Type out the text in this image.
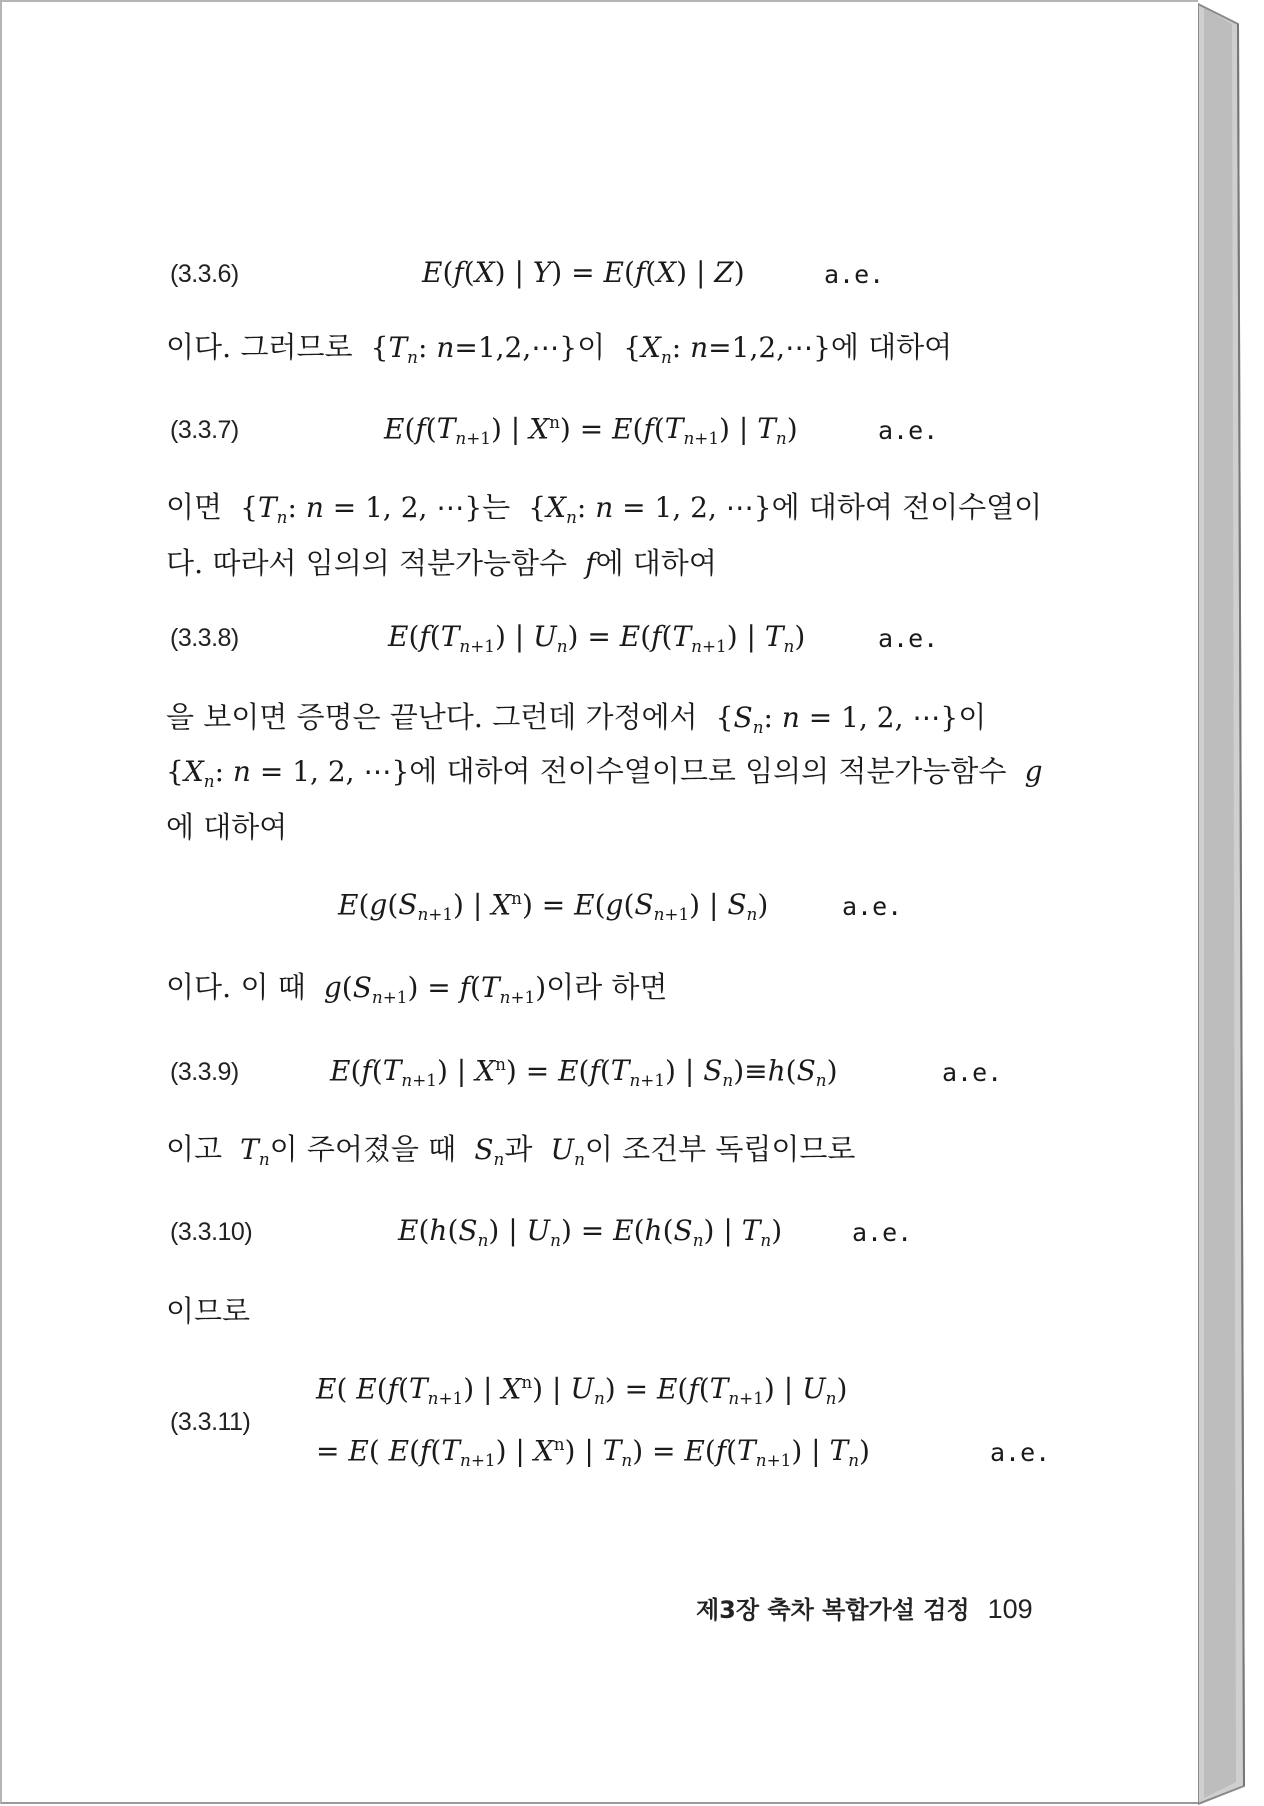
(3.3.6)	E(f(X) | Y) = E(f(X) | Z)	a.e.
이다. 그러므로  {$T_n$: n=1,2,⋯}이  {$X_n$: n=1,2,⋯}에 대하여
(3.3.7)	$E(f(T_{n+1})$ | $X^n) = E(f(T_{n+1})$ | $T_n$)	a.e.
이면  {$T_n$: n = 1, 2, ⋯}는  {$X_n$: n = 1, 2, ⋯}에 대하여 전이수열이
다. 따라서 임의의 적분가능함수 f에 대하여
(3.3.8)	$E(f(T_{n+1})$ | $U_n) = E(f(T_{n+1})$ | $T_n$)	a.e.
을 보이면 증명은 끝난다. 그런데 가정에서  {$S_n$: n = 1, 2, ⋯}이
{$X_n$: n = 1, 2, ⋯}에 대하여 전이수열이므로 임의의 적분가능함수 g
에 대하여
$E(g(S_{n+1})$ | $X^n) = E(g(S_{n+1})$ | $S_n$)	a.e.
이다. 이 때 $g(S_{n+1}) = f(T_{n+1})$이라 하면
(3.3.9)	$E(f(T_{n+1})$ | $X^n) = E(f(T_{n+1})$ | $S_n)\equiv h(S_n)$	a.e.
이고 $T_n$이 주어졌을 때 $S_n$과 $U_n$이 조건부 독립이므로
(3.3.10)	$E(h(S_n)$ | $U_n) = E(h(S_n)$ | $T_n$)	a.e.
이므로
(3.3.11)
E( $E(f(T_{n+1})$ | $X^n$) | $U_n) = E(f(T_{n+1})$ | $U_n$)
= E( $E(f(T_{n+1})$ | $X^n$) | $T_n) = E(f(T_{n+1})$ | $T_n$)	a.e.
제3장 축차 복합가설 검정 109
